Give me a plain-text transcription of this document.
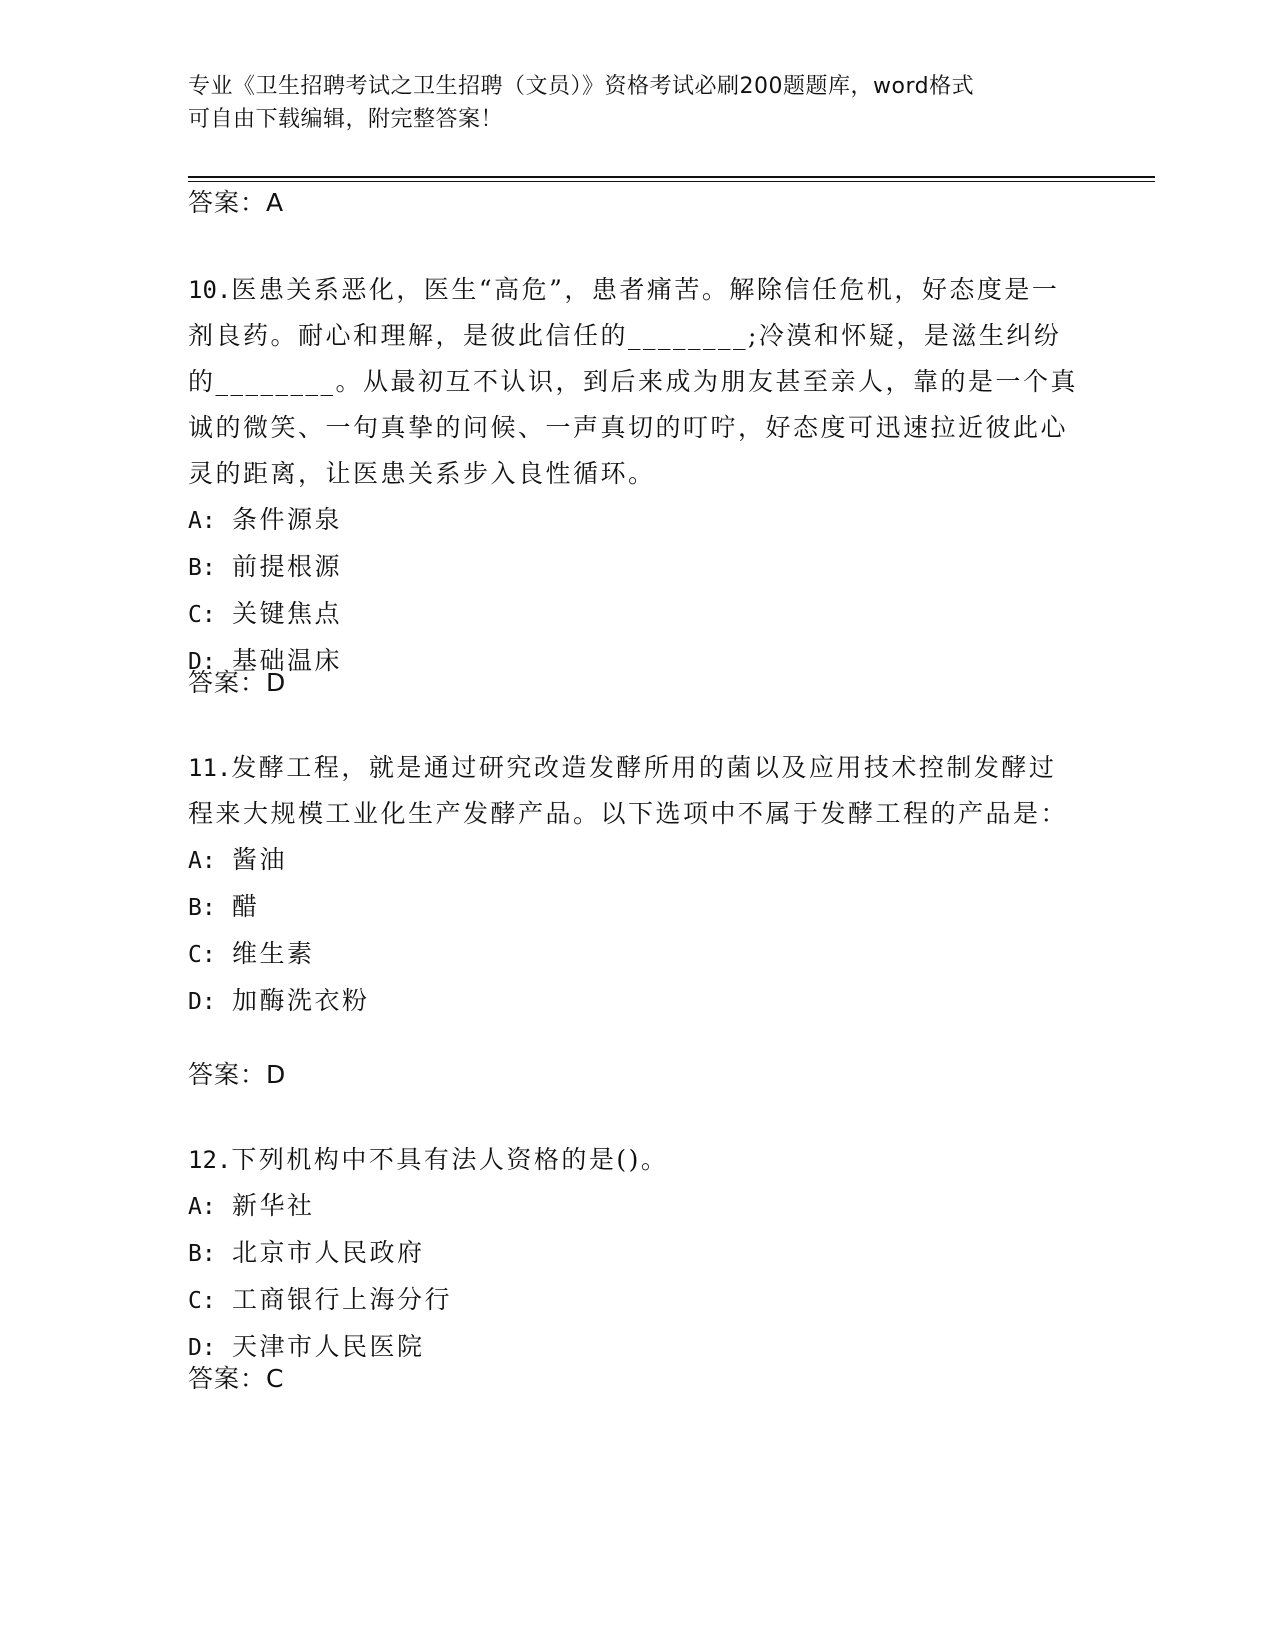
专业《卫生招聘考试之卫生招聘（文员）》资格考试必刷200题题库，word格式
可自由下载编辑，附完整答案！
答案：A

10.医患关系恶化，医生“高危”，患者痛苦。解除信任危机，好态度是一剂良药。耐心和理解，是彼此信任的________;冷漠和怀疑，是滋生纠纷的________。从最初互不认识，到后来成为朋友甚至亲人，靠的是一个真诚的微笑、一句真挚的问候、一声真切的叮咛，好态度可迅速拉近彼此心灵的距离，让医患关系步入良性循环。

A: 条件源泉
B: 前提根源
C: 关键焦点
D: 基础温床
答案：D

11.发酵工程，就是通过研究改造发酵所用的菌以及应用技术控制发酵过程来大规模工业化生产发酵产品。以下选项中不属于发酵工程的产品是：

A: 酱油
B: 醋
C: 维生素
D: 加酶洗衣粉
答案：D

12.下列机构中不具有法人资格的是()。

A: 新华社
B: 北京市人民政府
C: 工商银行上海分行
D: 天津市人民医院
答案：C
